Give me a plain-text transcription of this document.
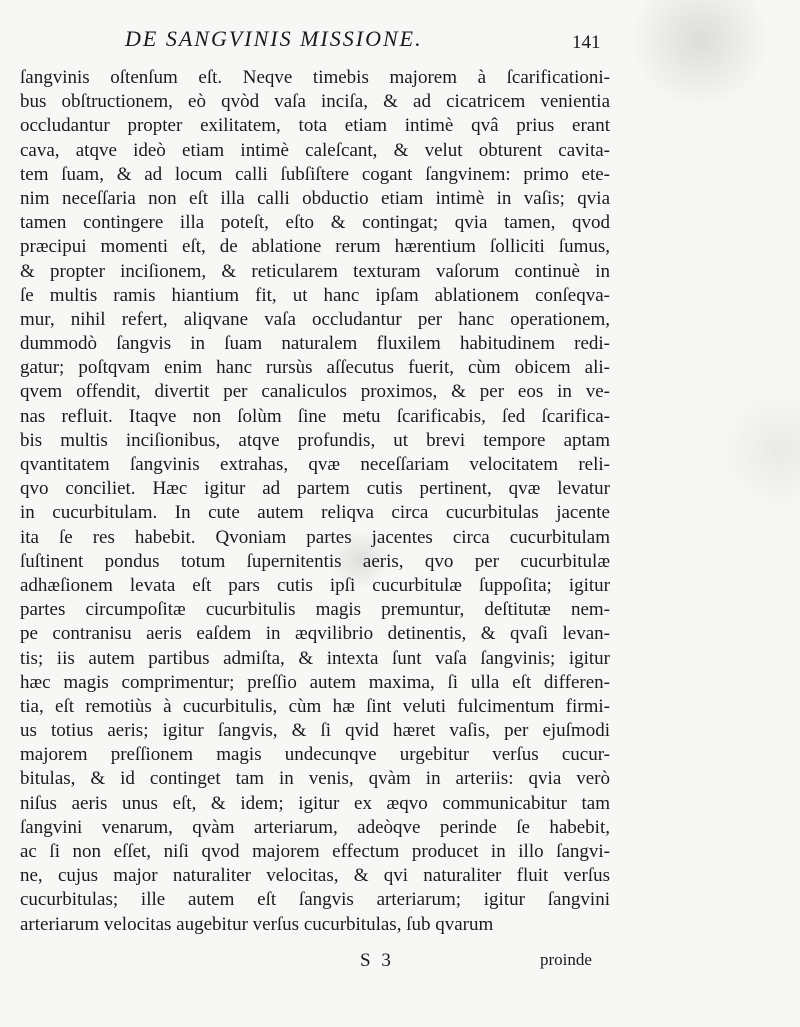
DE SANGVINIS MISSIONE.	141
ſangvinis oſtenſum eſt. Neqve timebis majorem à ſcarificationi-
bus obſtructionem, eò qvòd vaſa inciſa, & ad cicatricem venientia
occludantur propter exilitatem, tota etiam intimè qvâ prius erant
cava, atqve ideò etiam intimè caleſcant, & velut obturent cavita-
tem ſuam, & ad locum calli ſubſiſtere cogant ſangvinem: primo ete-
nim neceſſaria non eſt illa calli obductio etiam intimè in vaſis; qvia
tamen contingere illa poteſt, eſto & contingat; qvia tamen, qvod
præcipui momenti eſt, de ablatione rerum hærentium ſolliciti ſumus,
& propter inciſionem, & reticularem texturam vaſorum continuè in
ſe multis ramis hiantium fit, ut hanc ipſam ablationem conſeqva-
mur, nihil refert, aliqvane vaſa occludantur per hanc operationem,
dummodò ſangvis in ſuam naturalem fluxilem habitudinem redi-
gatur; poſtqvam enim hanc rursùs aſſecutus fuerit, cùm obicem ali-
qvem offendit, divertit per canaliculos proximos, & per eos in ve-
nas refluit. Itaqve non ſolùm ſine metu ſcarificabis, ſed ſcarifica-
bis multis inciſionibus, atqve profundis, ut brevi tempore aptam
qvantitatem ſangvinis extrahas, qvæ neceſſariam velocitatem reli-
qvo conciliet. Hæc igitur ad partem cutis pertinent, qvæ levatur
in cucurbitulam. In cute autem reliqva circa cucurbitulas jacente
ita ſe res habebit. Qvoniam partes jacentes circa cucurbitulam
ſuſtinent pondus totum ſupernitentis aeris, qvo per cucurbitulæ
adhæſionem levata eſt pars cutis ipſi cucurbitulæ ſuppoſita; igitur
partes circumpoſitæ cucurbitulis magis premuntur, deſtitutæ nem-
pe contranisu aeris eaſdem in æqvilibrio detinentis, & qvaſi levan-
tis; iis autem partibus admiſta, & intexta ſunt vaſa ſangvinis; igitur
hæc magis comprimentur; preſſio autem maxima, ſi ulla eſt differen-
tia, eſt remotiùs à cucurbitulis, cùm hæ ſint veluti fulcimentum firmi-
us totius aeris; igitur ſangvis, & ſi qvid hæret vaſis, per ejuſmodi
majorem preſſionem magis undecunqve urgebitur verſus cucur-
bitulas, & id continget tam in venis, qvàm in arteriis: qvia verò
niſus aeris unus eſt, & idem; igitur ex æqvo communicabitur tam
ſangvini venarum, qvàm arteriarum, adeòqve perinde ſe habebit,
ac ſi non eſſet, niſi qvod majorem effectum producet in illo ſangvi-
ne, cujus major naturaliter velocitas, & qvi naturaliter fluit verſus
cucurbitulas; ille autem eſt ſangvis arteriarum; igitur ſangvini
arteriarum velocitas augebitur verſus cucurbitulas, ſub qvarum
S 3	proinde
